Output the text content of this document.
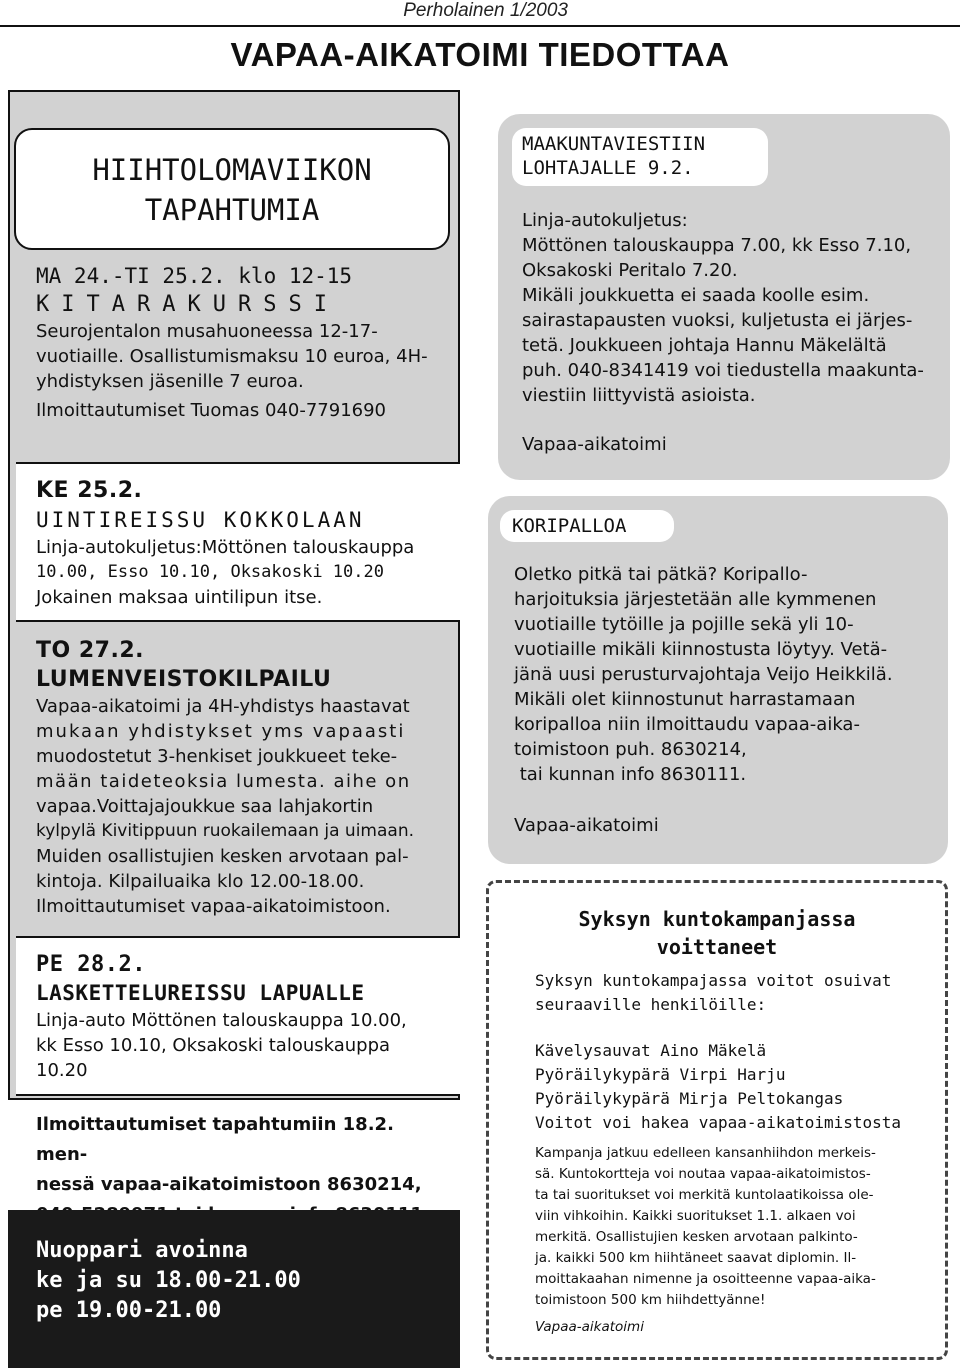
Perholainen 1/2003
VAPAA-AIKATOIMI TIEDOTTAA
HIIHTOLOMAVIIKON
TAPAHTUMIA
MA 24.-TI 25.2. klo 12-15
KITARAKURSSI
Seurojentalon musahuoneessa 12-17-
vuotiaille. Osallistumismaksu 10 euroa, 4H-
yhdistyksen jäsenille 7 euroa.
Ilmoittautumiset Tuomas 040-7791690
KE 25.2.
UINTIREISSU KOKKOLAAN
Linja-autokuljetus:Möttönen talouskauppa
10.00, Esso 10.10, Oksakoski 10.20
Jokainen maksaa uintilipun itse.
TO 27.2.
LUMENVEISTOKILPAILU
Vapaa-aikatoimi ja 4H-yhdistys haastavat
mukaan yhdistykset yms vapaasti
muodostetut 3-henkiset joukkueet teke-
mään taideteoksia lumesta. aihe on
vapaa.Voittajajoukkue saa lahjakortin
kylpylä Kivitippuun ruokailemaan ja uimaan.
Muiden osallistujien kesken arvotaan pal-
kintoja. Kilpailuaika klo 12.00-18.00.
Ilmoittautumiset vapaa-aikatoimistoon.
PE 28.2.
LASKETTELUREISSU LAPUALLE
Linja-auto Möttönen talouskauppa 10.00,
kk Esso 10.10, Oksakoski talouskauppa
10.20
Ilmoittautumiset tapahtumiin 18.2. men-
nessä vapaa-aikatoimistoon 8630214,
Nuoppari avoinna
ke ja su 18.00-21.00
pe 19.00-21.00
MAAKUNTAVIESTIIN
LOHTAJALLE 9.2.
Linja-autokuljetus:
Möttönen talouskauppa 7.00, kk Esso 7.10,
Oksakoski Peritalo 7.20.
Mikäli joukkuetta ei saada koolle esim.
sairastapausten vuoksi, kuljetusta ei järjes-
tetä. Joukkueen johtaja Hannu Mäkelältä
puh. 040-8341419 voi tiedustella maakunta-
viestiin liittyvistä asioista.
Vapaa-aikatoimi
KORIPALLOA
Oletko pitkä tai pätkä? Koripallo-
harjoituksia järjestetään alle kymmenen
vuotiaille tytöille ja pojille sekä yli 10-
vuotiaille mikäli kiinnostusta löytyy. Vetä-
jänä uusi perusturvajohtaja Veijo Heikkilä.
Mikäli olet kiinnostunut harrastamaan
koripalloa niin ilmoittaudu vapaa-aika-
toimistoon puh. 8630214,
tai kunnan info 8630111.
Vapaa-aikatoimi
Syksyn kuntokampanjassa
voittaneet
Syksyn kuntokampajassa voitot osuivat
seuraaville henkilöille:
Kävelysauvat Aino Mäkelä
Pyöräilykypärä Virpi Harju
Pyöräilykypärä Mirja Peltokangas
Voitot voi hakea vapaa-aikatoimistosta
Kampanja jatkuu edelleen kansanhiihdon merkeis-
sä. Kuntokortteja voi noutaa vapaa-aikatoimistos-
ta tai suoritukset voi merkitä kuntolaatikoissa ole-
viin vihkoihin. Kaikki suoritukset 1.1. alkaen voi
merkitä. Osallistujien kesken arvotaan palkinto-
ja. kaikki 500 km hiihtäneet saavat diplomin. Il-
moittakaahan nimenne ja osoitteenne vapaa-aika-
toimistoon 500 km hiihdettyänne!
Vapaa-aikatoimi
